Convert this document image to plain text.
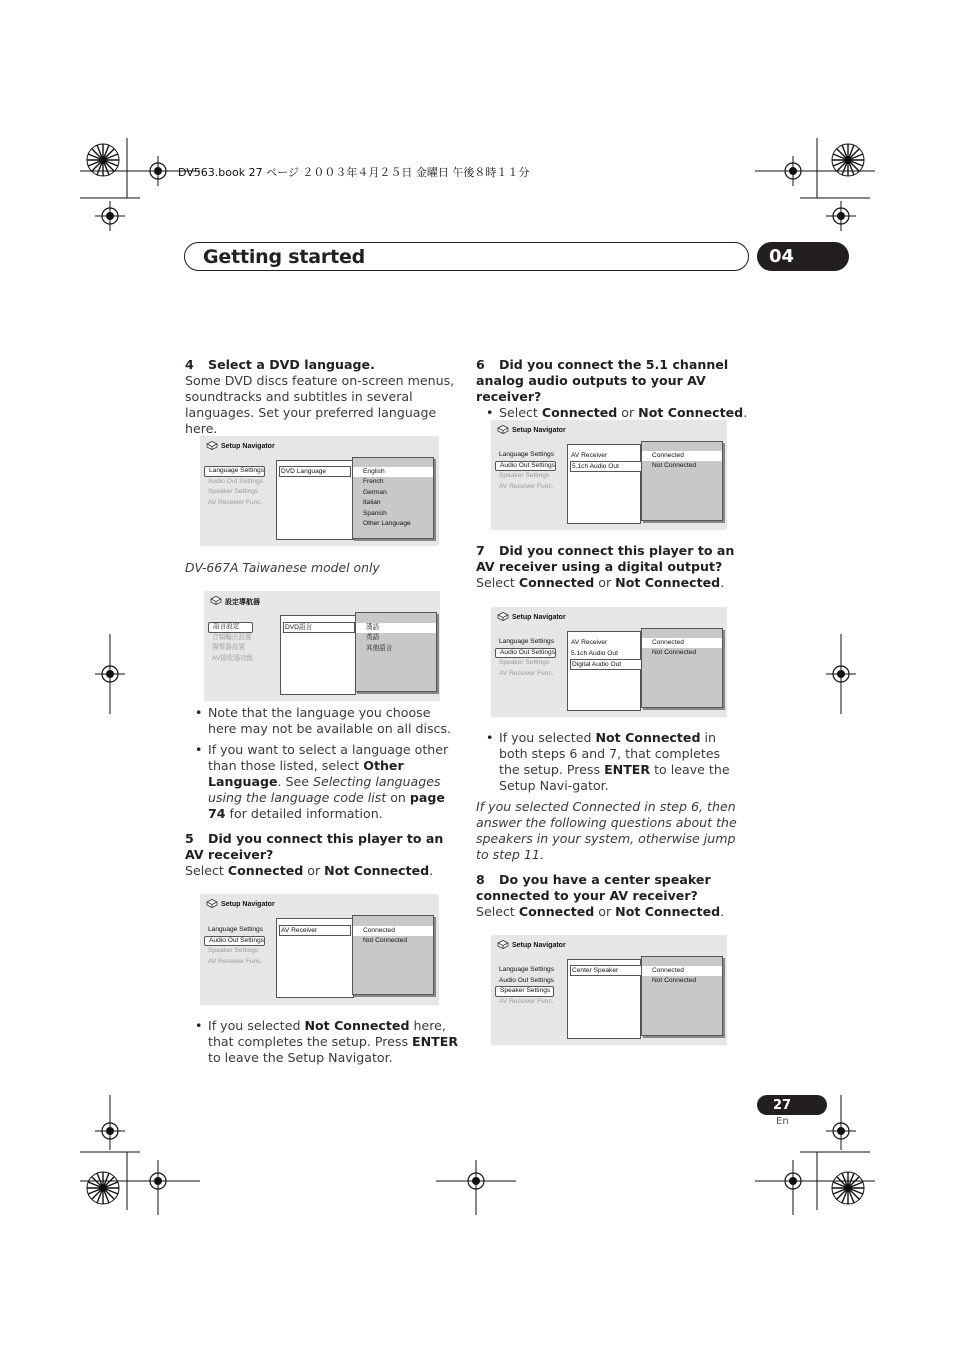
DV563.book 27 ページ ２００３年４月２５日 金曜日 午後８時１１分
Getting started	04
4 Select a DVD language.
Some DVD discs feature on-screen menus, soundtracks and subtitles in several languages. Set your preferred language here.
Setup Navigator
Language Settings
Audio Out Settings
Speaker Settings
AV Receiver Func.
DVD Language	English
French
German
Italian
Spanish
Other Language
DV-667A Taiwanese model only
設定導航器
語言設定
音頻輸出設置
揚聲器設置
AV接收器功能
DVD語言	漢語
英語
其他語言
• Note that the language you choose here may not be available on all discs.
• If you want to select a language other than those listed, select Other Language. See Selecting languages using the language code list on page 74 for detailed information.
5 Did you connect this player to an AV receiver?
Select Connected or Not Connected.
Setup Navigator
Language Settings
Audio Out Settings
Speaker Settings
AV Receiver Func.
AV Receiver	Connected
Not Connected
• If you selected Not Connected here, that completes the setup. Press ENTER to leave the Setup Navigator.
6 Did you connect the 5.1 channel analog audio outputs to your AV receiver?
• Select Connected or Not Connected.
Setup Navigator
Language Settings
Audio Out Settings
Speaker Settings
AV Receiver Func.
AV Receiver
5.1ch Audio Out
Connected
Not Connected
7 Did you connect this player to an AV receiver using a digital output?
Select Connected or Not Connected.
Setup Navigator
Language Settings
Audio Out Settings
Speaker Settings
AV Receiver Func.
AV Receiver
5.1ch Audio Out
Digital Audio Out
Connected
Not Connected
• If you selected Not Connected in both steps 6 and 7, that completes the setup. Press ENTER to leave the Setup Navi-gator.
If you selected Connected in step 6, then answer the following questions about the speakers in your system, otherwise jump to step 11.
8 Do you have a center speaker connected to your AV receiver?
Select Connected or Not Connected.
Setup Navigator
Language Settings
Audio Out Settings
Speaker Settings
AV Receiver Func.
Center Speaker	Connected
Not Connected
27
En
